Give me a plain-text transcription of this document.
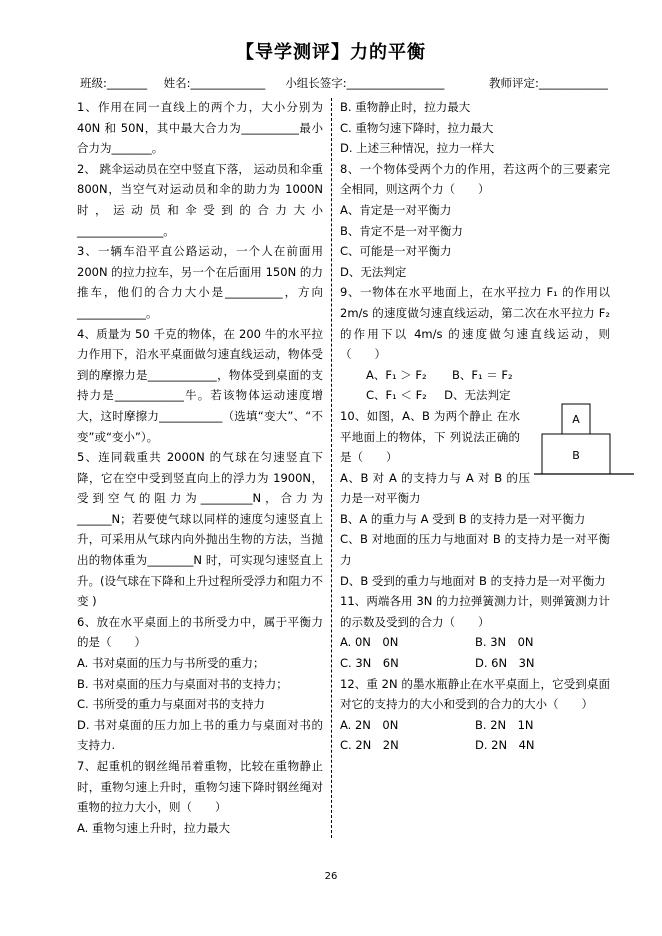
【导学测评】力的平衡
班级:_______ 姓名:_____________ 小组长签字:_________________	教师评定:____________

1、作用在同一直线上的两个力，大小分别为 40N 和 50N，其中最大合力为__________最小合力为_______。

2、 跳伞运动员在空中竖直下落， 运动员和伞重 800N，当空气对运动员和伞的助力为 1000N 时，运动员和伞受到的合力大小_______________。

3、一辆车沿平直公路运动，一个人在前面用 200N 的拉力拉车，另一个在后面用 150N 的力推车，他们的合力大小是__________，方向____________。

4、质量为 50 千克的物体，在 200 牛的水平拉力作用下，沿水平桌面做匀速直线运动，物体受到的摩擦力是____________，物体受到桌面的支持力是____________牛。若该物体运动速度增大，这时摩擦力___________（选填“变大”、“不变”或“变小”）。

5、连同载重共 2000N 的气球在匀速竖直下降，它在空中受到竖直向上的浮力为 1900N，受到空气的阻力为_________N，合力为______N；若要使气球以同样的速度匀速竖直上升，可采用从气球内向外抛出生物的方法，当抛出的物体重为________N 时，可实现匀速竖直上升。(设气球在下降和上升过程所受浮力和阻力不变 )

6、放在水平桌面上的书所受力中，属于平衡力的是（　　）

A. 书对桌面的压力与书所受的重力；

B. 书对桌面的压力与桌面对书的支持力；

C. 书所受的重力与桌面对书的支持力

D. 书对桌面的压力加上书的重力与桌面对书的支持力.

7、起重机的钢丝绳吊着重物，比较在重物静止时，重物匀速上升时，重物匀速下降时钢丝绳对重物的拉力大小，则（　　）

A. 重物匀速上升时，拉力最大

B. 重物静止时，拉力最大

C. 重物匀速下降时，拉力最大

D. 上述三种情况，拉力一样大

8、一个物体受两个力的作用，若这两个的三要素完全相同，则这两个力（　　）

A、肯定是一对平衡力

B、肯定不是一对平衡力

C、可能是一对平衡力

D、无法判定

9、一物体在水平地面上，在水平拉力 F₁ 的作用以 2m/s 的速度做匀速直线运动，第二次在水平拉力 F₂ 的作用下以 4m/s 的速度做匀速直线运动，则（　　）

A、F₁ ＞ F₂ B、F₁ ＝ F₂

C、F₁ ＜ F₂ D、无法判定

10、如图，A、B 为两个静止 在水平地面上的物体，下 列说法正确的是（　　）

A、B 对 A 的支持力与 A 对 B 的压力是一对平衡力

B、A 的重力与 A 受到 B 的支持力是一对平衡力

C、B 对地面的压力与地面对 B 的支持力是一对平衡力

D、B 受到的重力与地面对 B 的支持力是一对平衡力

11、两端各用 3N 的力拉弹簧测力计，则弹簧测力计的示数及受到的合力（　　）

A. 0N　0N	B. 3N　0N
C. 3N　6N	D. 6N　3N

12、重 2N 的墨水瓶静止在水平桌面上，它受到桌面对它的支持力的大小和受到的合力的大小（　　）

A. 2N　0N	B. 2N　1N
C. 2N　2N	D. 2N　4N
A
B
26
